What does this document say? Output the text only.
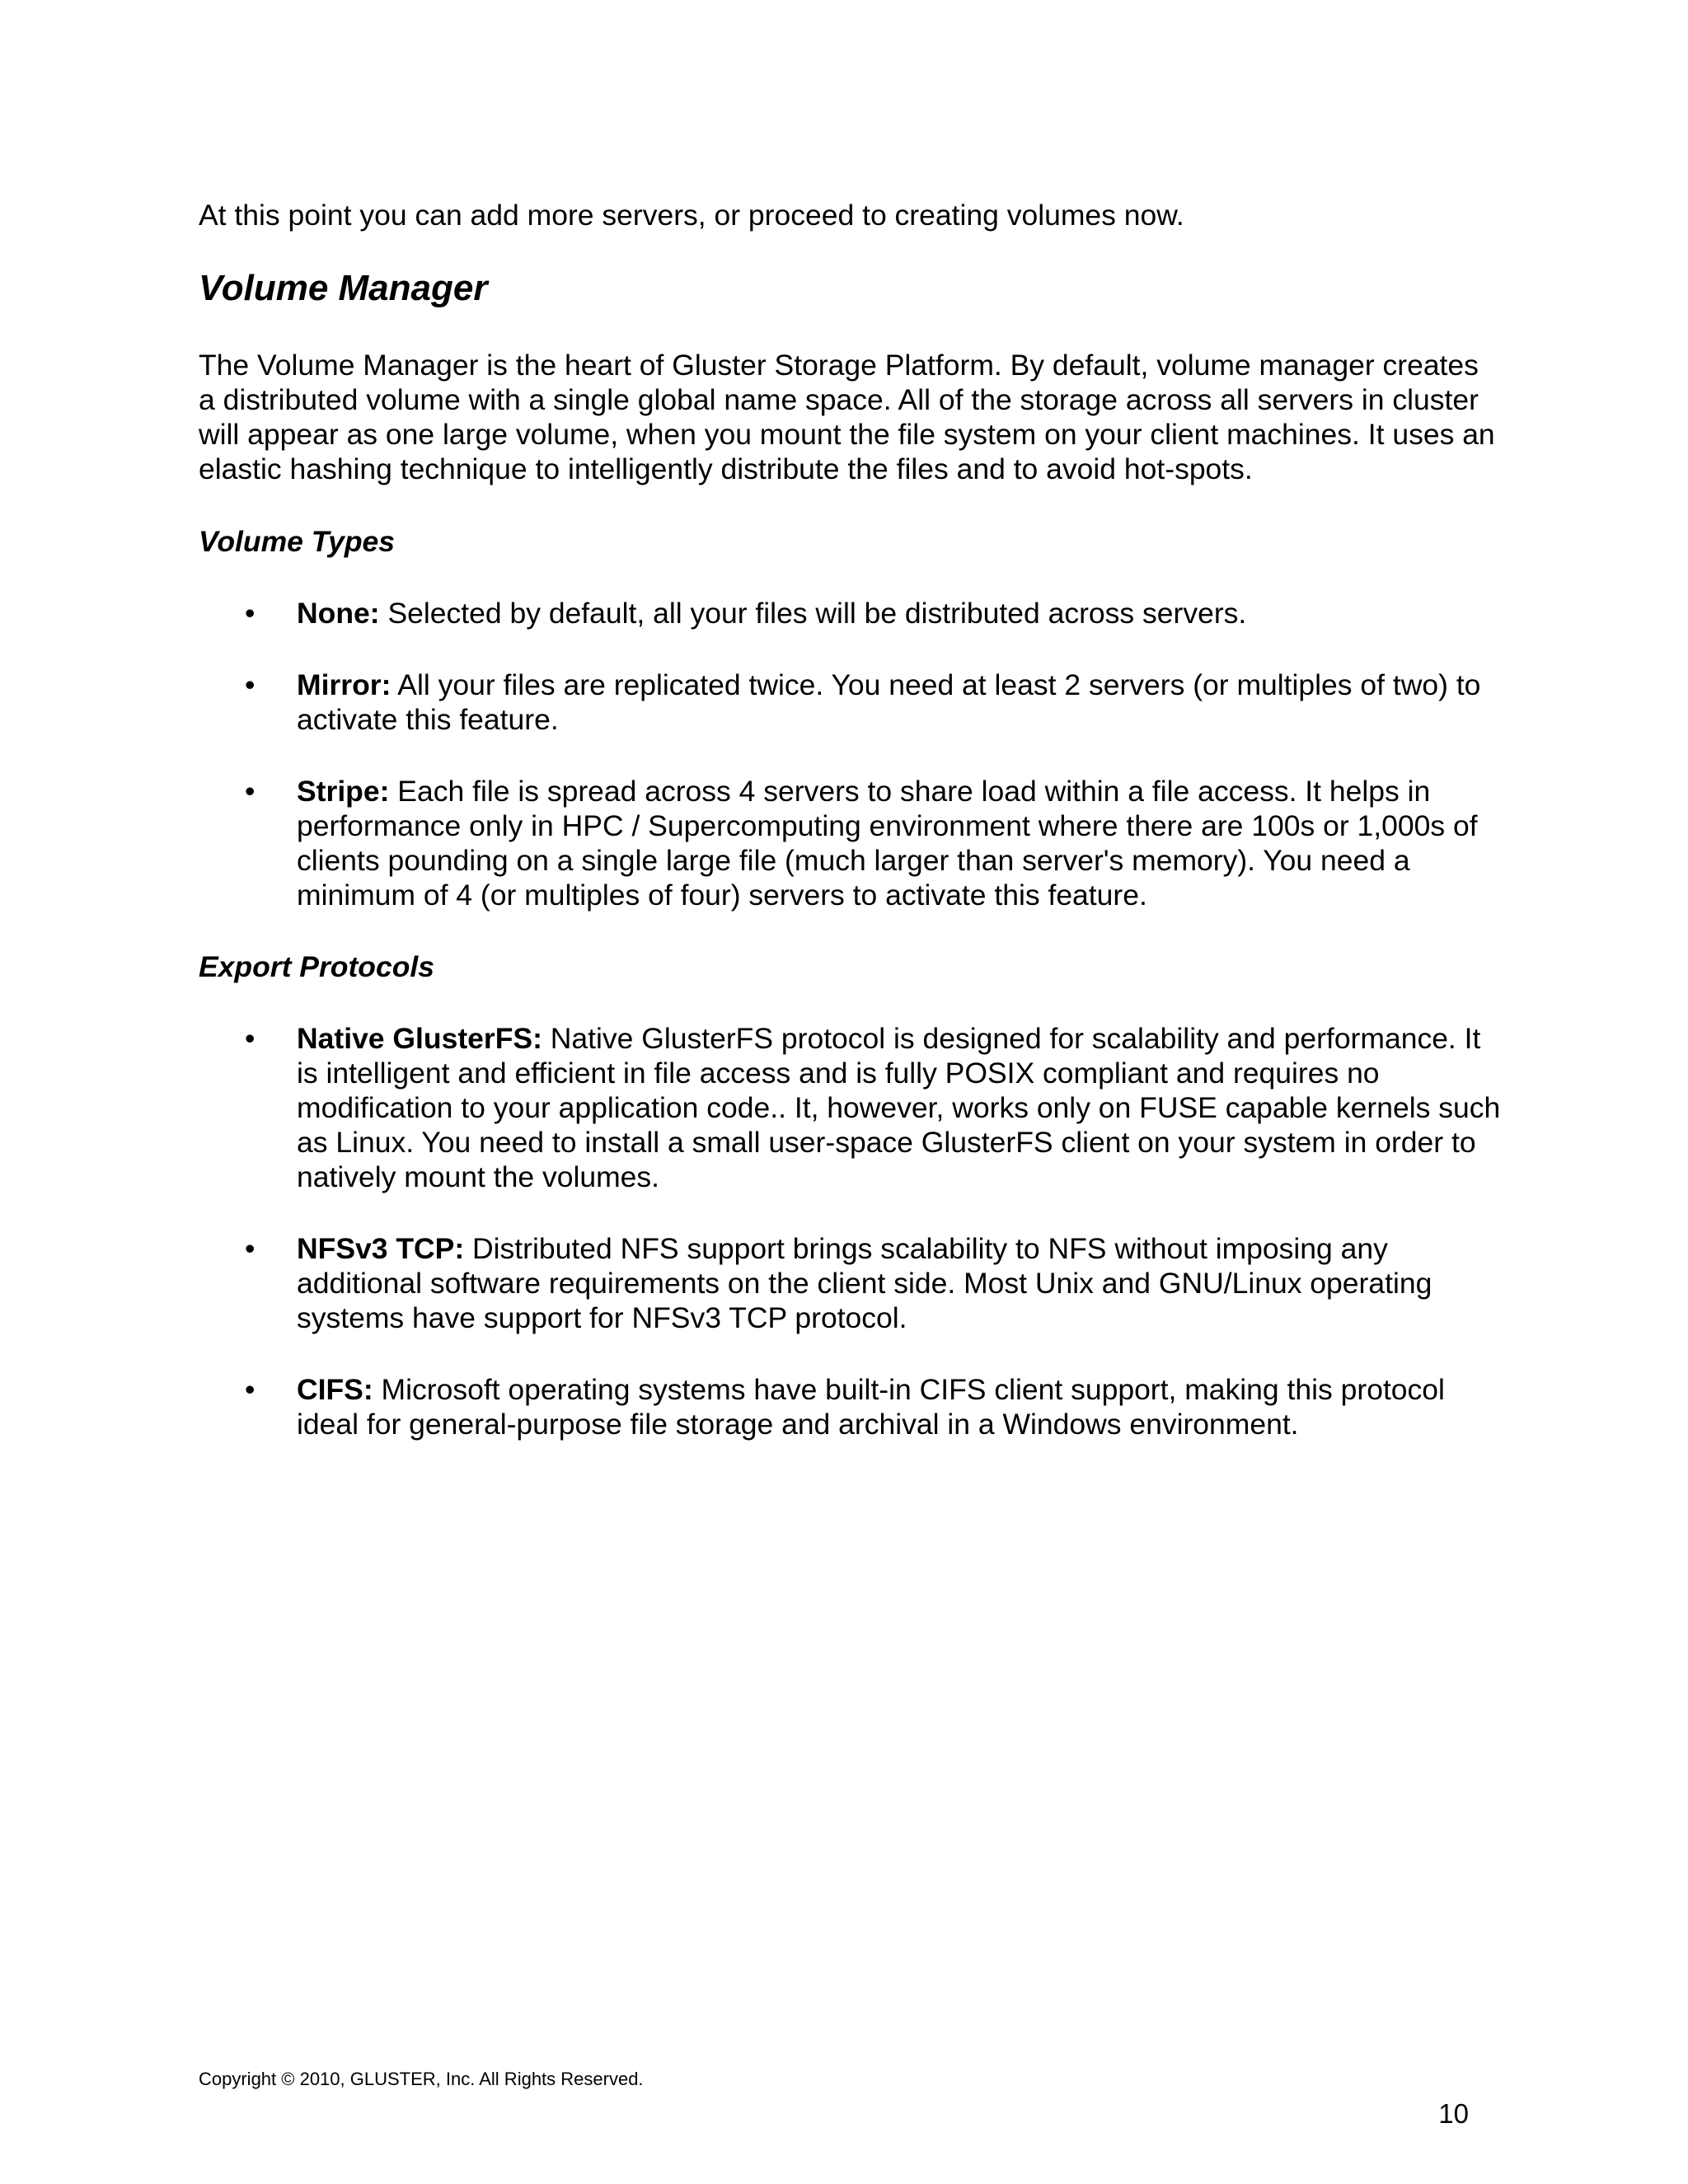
At this point you can add more servers, or proceed to creating volumes now.

Volume Manager

The Volume Manager is the heart of Gluster Storage Platform. By default, volume manager creates a distributed volume with a single global name space. All of the storage across all servers in cluster will appear as one large volume, when you mount the file system on your client machines. It uses an elastic hashing technique to intelligently distribute the files and to avoid hot-spots.

Volume Types
• None: Selected by default, all your files will be distributed across servers.
• Mirror: All your files are replicated twice. You need at least 2 servers (or multiples of two) to activate this feature.
• Stripe: Each file is spread across 4 servers to share load within a file access. It helps in performance only in HPC / Supercomputing environment where there are 100s or 1,000s of clients pounding on a single large file (much larger than server's memory). You need a minimum of 4 (or multiples of four) servers to activate this feature.
Export Protocols
• Native GlusterFS: Native GlusterFS protocol is designed for scalability and performance. It is intelligent and efficient in file access and is fully POSIX compliant and requires no modification to your application code.. It, however, works only on FUSE capable kernels such as Linux. You need to install a small user-space GlusterFS client on your system in order to natively mount the volumes.
• NFSv3 TCP: Distributed NFS support brings scalability to NFS without imposing any additional software requirements on the client side. Most Unix and GNU/Linux operating systems have support for NFSv3 TCP protocol.
• CIFS: Microsoft operating systems have built-in CIFS client support, making this protocol ideal for general-purpose file storage and archival in a Windows environment.
Copyright © 2010, GLUSTER, Inc. All Rights Reserved.
10
